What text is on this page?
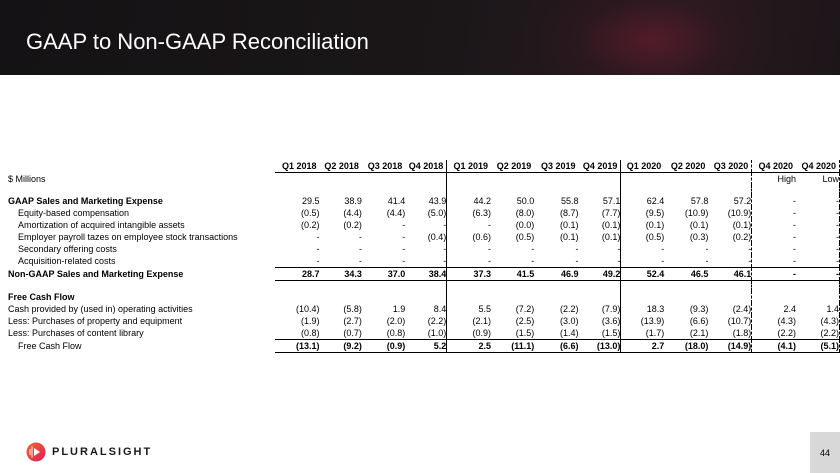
GAAP to Non-GAAP Reconciliation
	Q1 2018	Q2 2018	Q3 2018	Q4 2018	Q1 2019	Q2 2019	Q3 2019	Q4 2019	Q1 2020	Q2 2020	Q3 2020	Q4 2020	Q4 2020
$ Millions												High	Low

GAAP Sales and Marketing Expense	29.5	38.9	41.4	43.9	44.2	50.0	55.8	57.1	62.4	57.8	57.2	-	-
Equity-based compensation	(0.5)	(4.4)	(4.4)	(5.0)	(6.3)	(8.0)	(8.7)	(7.7)	(9.5)	(10.9)	(10.9)	-	-
Amortization of acquired intangible assets	(0.2)	(0.2)	-	-	-	(0.0)	(0.1)	(0.1)	(0.1)	(0.1)	(0.1)	-	-
Employer payroll tazes on employee stock transactions	-	-	-	(0.4)	(0.6)	(0.5)	(0.1)	(0.1)	(0.5)	(0.3)	(0.2)	-	-
Secondary offering costs	-	-	-	-	-	-	-	-	-	-	-	-	-
Acquisition-related costs	-	-	-	-	-	-	-	-	-	-	-	-	-
Non-GAAP Sales and Marketing Expense	28.7	34.3	37.0	38.4	37.3	41.5	46.9	49.2	52.4	46.5	46.1	-	-

Free Cash Flow													
Cash provided by (used in) operating activities	(10.4)	(5.8)	1.9	8.4	5.5	(7.2)	(2.2)	(7.9)	18.3	(9.3)	(2.4)	2.4	1.4
Less: Purchases of property and equipment	(1.9)	(2.7)	(2.0)	(2.2)	(2.1)	(2.5)	(3.0)	(3.6)	(13.9)	(6.6)	(10.7)	(4.3)	(4.3)
Less: Purchases of content library	(0.8)	(0.7)	(0.8)	(1.0)	(0.9)	(1.5)	(1.4)	(1.5)	(1.7)	(2.1)	(1.8)	(2.2)	(2.2)
Free Cash Flow	(13.1)	(9.2)	(0.9)	5.2	2.5	(11.1)	(6.6)	(13.0)	2.7	(18.0)	(14.9)	(4.1)	(5.1)
PLURALSIGHT	44
